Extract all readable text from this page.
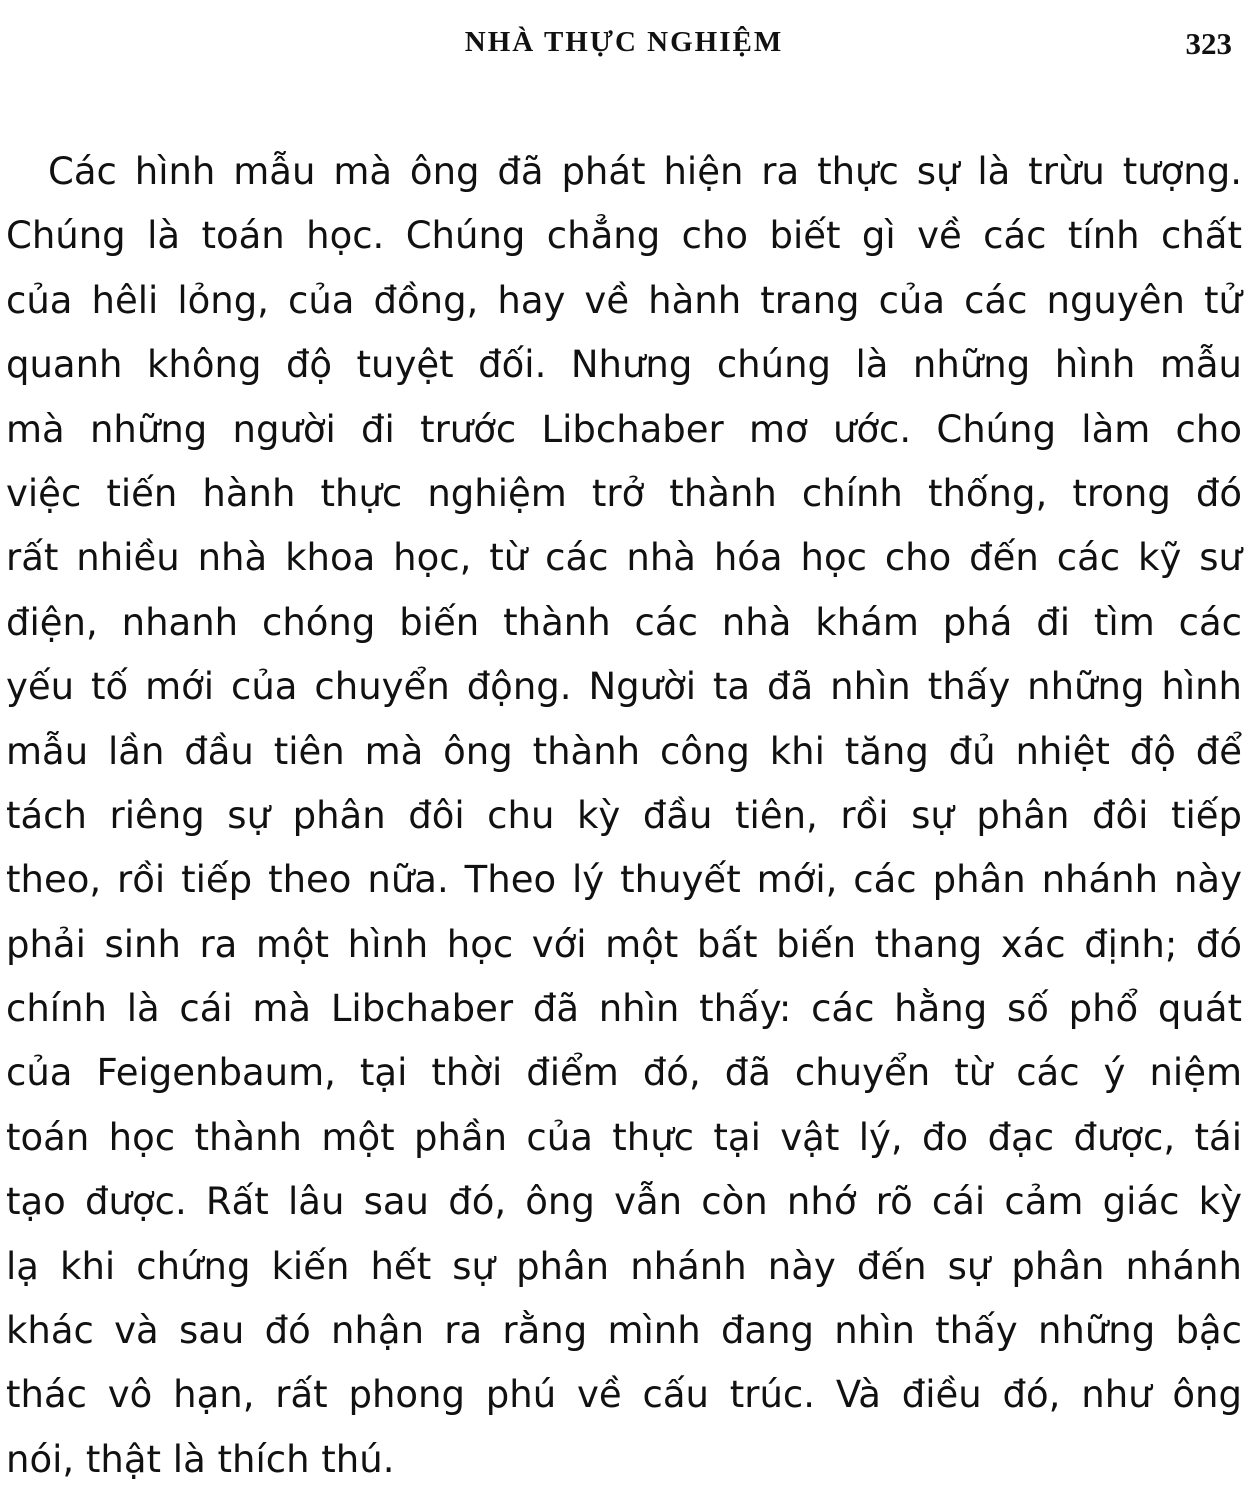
NHÀ THỰC NGHIỆM	323
Các hình mẫu mà ông đã phát hiện ra thực sự là trừu tượng.
Chúng là toán học. Chúng chẳng cho biết gì về các tính chất
của hêli lỏng, của đồng, hay về hành trang của các nguyên tử
quanh không độ tuyệt đối. Nhưng chúng là những hình mẫu
mà những người đi trước Libchaber mơ ước. Chúng làm cho
việc tiến hành thực nghiệm trở thành chính thống, trong đó
rất nhiều nhà khoa học, từ các nhà hóa học cho đến các kỹ sư
điện, nhanh chóng biến thành các nhà khám phá đi tìm các
yếu tố mới của chuyển động. Người ta đã nhìn thấy những hình
mẫu lần đầu tiên mà ông thành công khi tăng đủ nhiệt độ để
tách riêng sự phân đôi chu kỳ đầu tiên, rồi sự phân đôi tiếp
theo, rồi tiếp theo nữa. Theo lý thuyết mới, các phân nhánh này
phải sinh ra một hình học với một bất biến thang xác định; đó
chính là cái mà Libchaber đã nhìn thấy: các hằng số phổ quát
của Feigenbaum, tại thời điểm đó, đã chuyển từ các ý niệm
toán học thành một phần của thực tại vật lý, đo đạc được, tái
tạo được. Rất lâu sau đó, ông vẫn còn nhớ rõ cái cảm giác kỳ
lạ khi chứng kiến hết sự phân nhánh này đến sự phân nhánh
khác và sau đó nhận ra rằng mình đang nhìn thấy những bậc
thác vô hạn, rất phong phú về cấu trúc. Và điều đó, như ông
nói, thật là thích thú.
